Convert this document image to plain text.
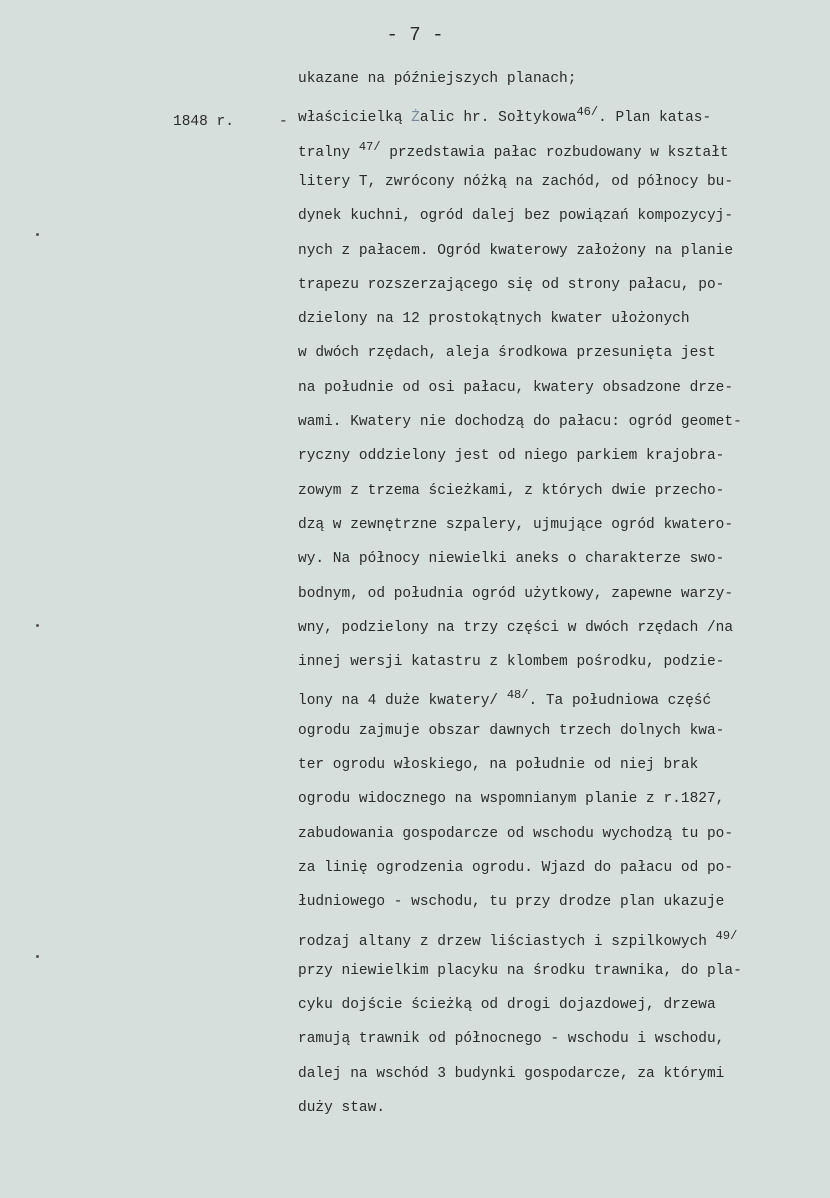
- 7 -
1848 r.	-
ukazane na późniejszych planach;
właścicielką Żalic hr. Sołtykowa$^{46/}$. Plan katas-
tralny $^{47/}$ przedstawia pałac rozbudowany w kształt
litery T, zwrócony nóżką na zachód, od północy bu-
dynek kuchni, ogród dalej bez powiązań kompozycyj-
nych z pałacem. Ogród kwaterowy założony na planie
trapezu rozszerzającego się od strony pałacu, po-
dzielony na 12 prostokątnych kwater ułożonych
w dwóch rzędach, aleja środkowa przesunięta jest
na południe od osi pałacu, kwatery obsadzone drze-
wami. Kwatery nie dochodzą do pałacu: ogród geomet-
ryczny oddzielony jest od niego parkiem krajobra-
zowym z trzema ścieżkami, z których dwie przecho-
dzą w zewnętrzne szpalery, ujmujące ogród kwatero-
wy. Na północy niewielki aneks o charakterze swo-
bodnym, od południa ogród użytkowy, zapewne warzy-
wny, podzielony na trzy części w dwóch rzędach /na
innej wersji katastru z klombem pośrodku, podzie-
lony na 4 duże kwatery/ $^{48/}$. Ta południowa część
ogrodu zajmuje obszar dawnych trzech dolnych kwa-
ter ogrodu włoskiego, na południe od niej brak
ogrodu widocznego na wspomnianym planie z r.1827,
zabudowania gospodarcze od wschodu wychodzą tu po-
za linię ogrodzenia ogrodu. Wjazd do pałacu od po-
łudniowego - wschodu, tu przy drodze plan ukazuje
rodzaj altany z drzew liściastych i szpilkowych $^{49/}$
przy niewielkim placyku na środku trawnika, do pla-
cyku dojście ścieżką od drogi dojazdowej, drzewa
ramują trawnik od północnego - wschodu i wschodu,
dalej na wschód 3 budynki gospodarcze, za którymi
duży staw.
